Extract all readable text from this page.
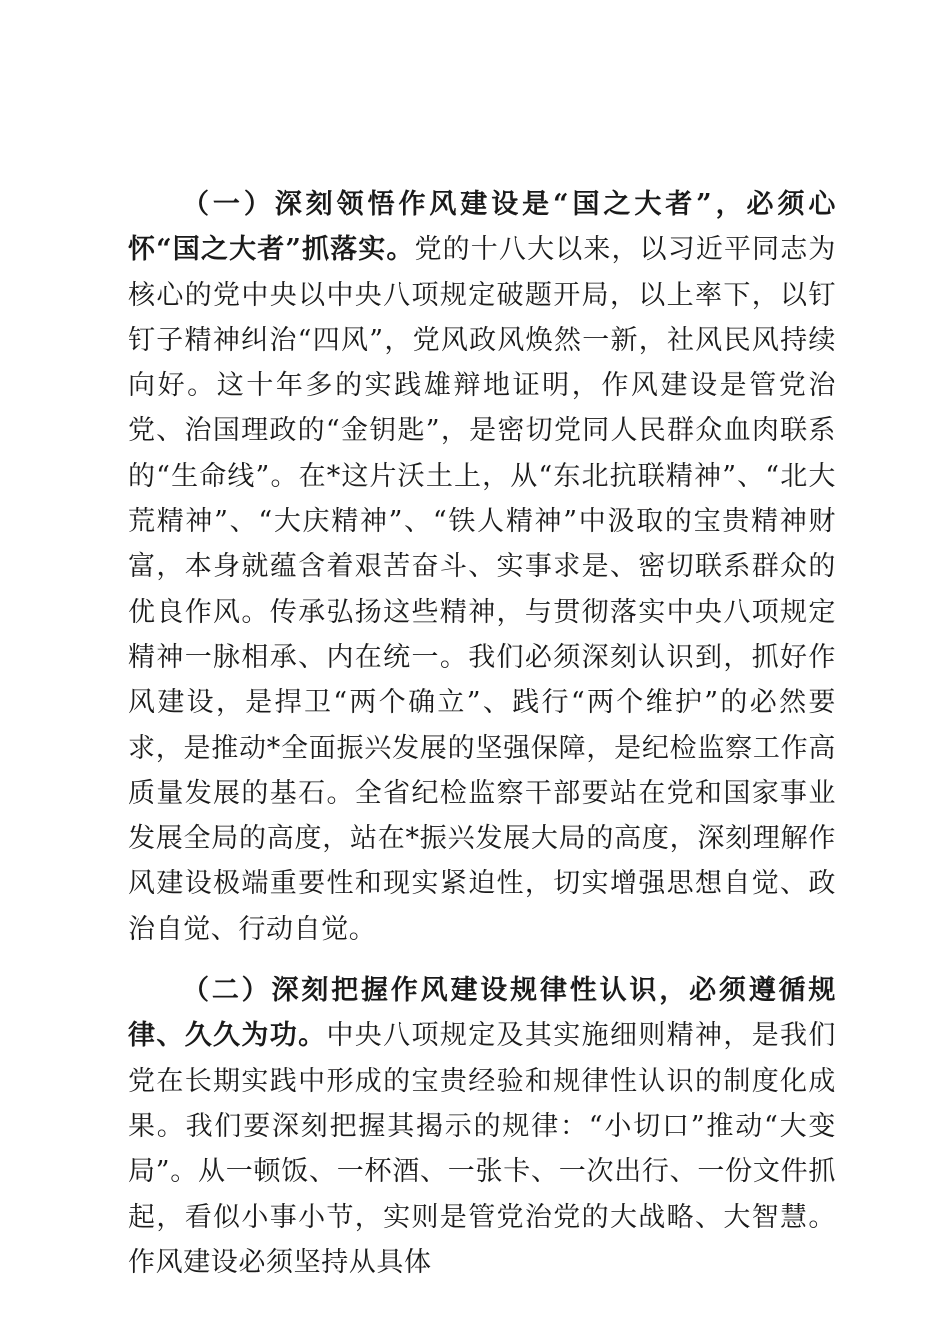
（一）深刻领悟作风建设是“国之大者”，必须心怀“国之大者”抓落实。党的十八大以来，以习近平同志为核心的党中央以中央八项规定破题开局，以上率下，以钉钉子精神纠治“四风”，党风政风焕然一新，社风民风持续向好。这十年多的实践雄辩地证明，作风建设是管党治党、治国理政的“金钥匙”，是密切党同人民群众血肉联系的“生命线”。在*这片沃土上，从“东北抗联精神”、“北大荒精神”、“大庆精神”、“铁人精神”中汲取的宝贵精神财富，本身就蕴含着艰苦奋斗、实事求是、密切联系群众的优良作风。传承弘扬这些精神，与贯彻落实中央八项规定精神一脉相承、内在统一。我们必须深刻认识到，抓好作风建设，是捍卫“两个确立”、践行“两个维护”的必然要求，是推动*全面振兴发展的坚强保障，是纪检监察工作高质量发展的基石。全省纪检监察干部要站在党和国家事业发展全局的高度，站在*振兴发展大局的高度，深刻理解作风建设极端重要性和现实紧迫性，切实增强思想自觉、政治自觉、行动自觉。

（二）深刻把握作风建设规律性认识，必须遵循规律、久久为功。中央八项规定及其实施细则精神，是我们党在长期实践中形成的宝贵经验和规律性认识的制度化成果。我们要深刻把握其揭示的规律：“小切口”推动“大变局”。从一顿饭、一杯酒、一张卡、一次出行、一份文件抓起，看似小事小节，实则是管党治党的大战略、大智慧。作风建设必须坚持从具体
